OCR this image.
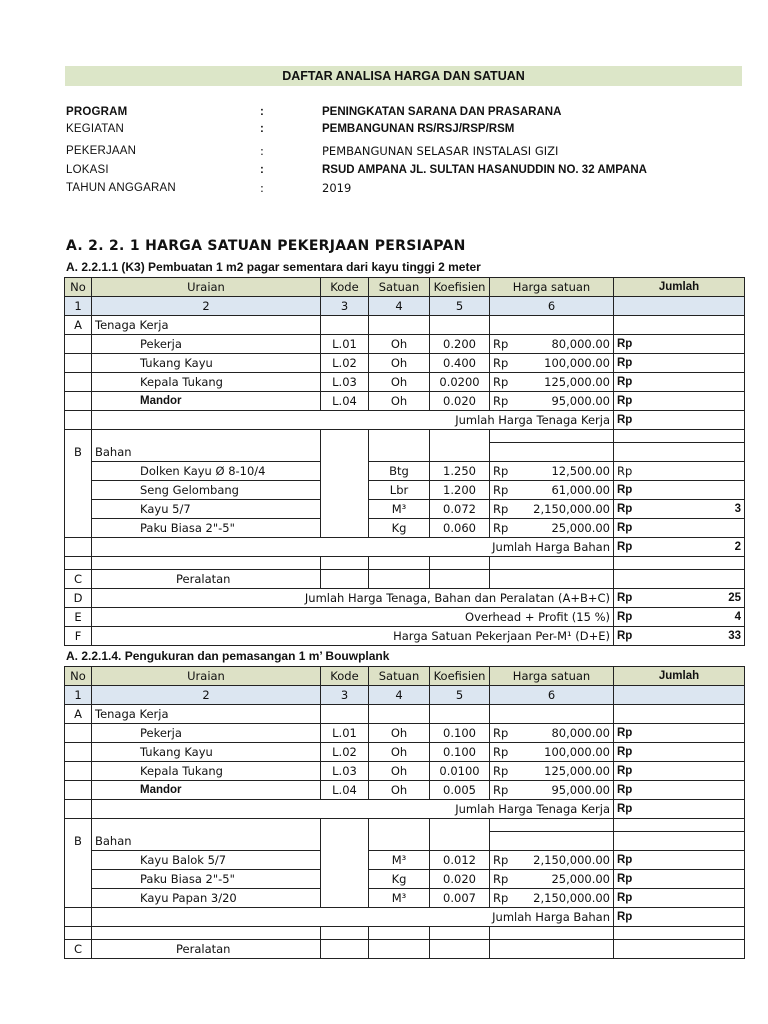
DAFTAR ANALISA HARGA DAN SATUAN
PROGRAM	:	PENINGKATAN SARANA DAN PRASARANA
KEGIATAN	:	PEMBANGUNAN RS/RSJ/RSP/RSM
PEKERJAAN	:	PEMBANGUNAN SELASAR INSTALASI GIZI
LOKASI	:	RSUD AMPANA JL. SULTAN HASANUDDIN NO. 32 AMPANA
TAHUN ANGGARAN	:	2019
A. 2. 2. 1 HARGA SATUAN PEKERJAAN PERSIAPAN
A. 2.2.1.1 (K3) Pembuatan 1 m2 pagar sementara dari kayu tinggi 2 meter
No	Uraian	Kode	Satuan	Koefisien	Harga satuan	Jumlah
1	2	3	4	5	6	
A	Tenaga Kerja					
	Pekerja	L.01	Oh	0.200	Rp 80,000.00	Rp
	Tukang Kayu	L.02	Oh	0.400	Rp 100,000.00	Rp
	Kepala Tukang	L.03	Oh	0.0200	Rp 125,000.00	Rp
	Mandor	L.04	Oh	0.020	Rp 95,000.00	Rp
	Jumlah Harga Tenaga Kerja					Rp

B	Bahan					
	Dolken Kayu Ø 8-10/4		Btg	1.250	Rp 12,500.00	Rp

	Seng Gelombang		Lbr	1.200	Rp 61,000.00	Rp

	Kayu 5/7		M³	0.072	Rp 2,150,000.00	Rp 3

	Paku Biasa 2"-5"		Kg	0.060	Rp 25,000.00	Rp

	Jumlah Harga Bahan					Rp 2

C	Peralatan					
D	Jumlah Harga Tenaga, Bahan dan Peralatan (A+B+C)					Rp 25

E	Overhead + Profit (15 %)					Rp 4

F	Harga Satuan Pekerjaan Per-M¹ (D+E)					Rp 33
A. 2.2.1.4. Pengukuran dan pemasangan 1 m’ Bouwplank
No	Uraian	Kode	Satuan	Koefisien	Harga satuan	Jumlah
1	2	3	4	5	6	
A	Tenaga Kerja					
	Pekerja	L.01	Oh	0.100	Rp 80,000.00	Rp
	Tukang Kayu	L.02	Oh	0.100	Rp 100,000.00	Rp
	Kepala Tukang	L.03	Oh	0.0100	Rp 125,000.00	Rp
	Mandor	L.04	Oh	0.005	Rp 95,000.00	Rp
	Jumlah Harga Tenaga Kerja					Rp

B	Bahan					
	Kayu Balok 5/7		M³	0.012	Rp 2,150,000.00	Rp
	Paku Biasa 2"-5"		Kg	0.020	Rp 25,000.00	Rp
	Kayu Papan 3/20		M³	0.007	Rp 2,150,000.00	Rp
	Jumlah Harga Bahan					Rp

C	Peralatan					
